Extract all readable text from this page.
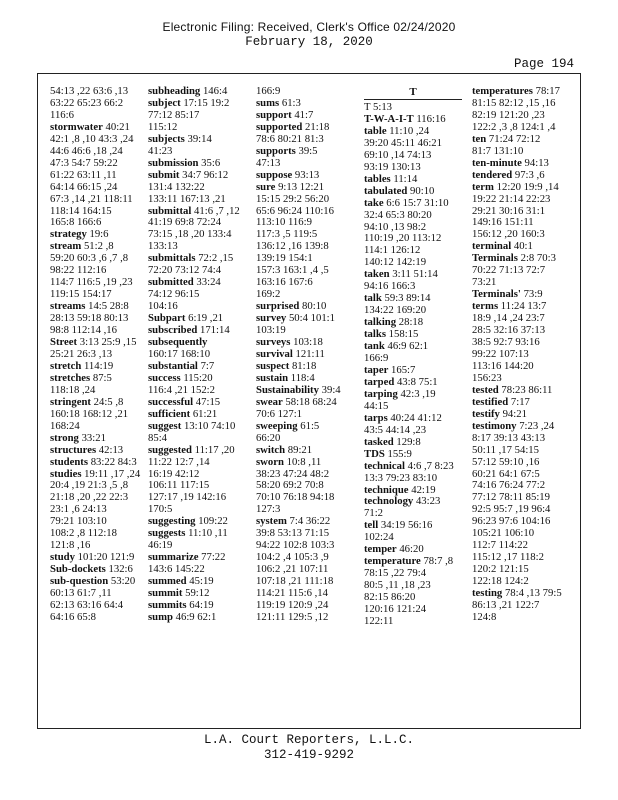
Electronic Filing: Received, Clerk's Office 02/24/2020
February 18, 2020
Page 194
54:13 ,22 63:6 ,13
63:22 65:23 66:2
116:6
stormwater 40:21
42:1 ,8 ,10 43:3 ,24
44:6 46:6 ,18 ,24
47:3 54:7 59:22
61:22 63:11 ,11
64:14 66:15 ,24
67:3 ,14 ,21 118:11
118:14 164:15
165:8 166:6
strategy 19:6
stream 51:2 ,8
59:20 60:3 ,6 ,7 ,8
98:22 112:16
114:7 116:5 ,19 ,23
119:15 154:17
streams 14:5 28:8
28:13 59:18 80:13
98:8 112:14 ,16
Street 3:13 25:9 ,15
25:21 26:3 ,13
stretch 114:19
stretches 87:5
118:18 ,24
stringent 24:5 ,8
160:18 168:12 ,21
168:24
strong 33:21
structures 42:13
students 83:22 84:3
studies 19:11 ,17 ,24
20:4 ,19 21:3 ,5 ,8
21:18 ,20 ,22 22:3
23:1 ,6 24:13
79:21 103:10
108:2 ,8 112:18
121:8 ,16
study 101:20 121:9
Sub-dockets 132:6
sub-question 53:20
60:13 61:7 ,11
62:13 63:16 64:4
64:16 65:8
subheading 146:4
subject 17:15 19:2
77:12 85:17
115:12
subjects 39:14
41:23
submission 35:6
submit 34:7 96:12
131:4 132:22
133:11 167:13 ,21
submittal 41:6 ,7 ,12
41:19 69:8 72:24
73:15 ,18 ,20 133:4
133:13
submittals 72:2 ,15
72:20 73:12 74:4
submitted 33:24
74:12 96:15
104:16
Subpart 6:19 ,21
subscribed 171:14
subsequently
160:17 168:10
substantial 7:7
success 115:20
116:4 ,21 152:2
successful 47:15
sufficient 61:21
suggest 13:10 74:10
85:4
suggested 11:17 ,20
11:22 12:7 ,14
16:19 42:12
106:11 117:15
127:17 ,19 142:16
170:5
suggesting 109:22
suggests 11:10 ,11
46:19
summarize 77:22
143:6 145:22
summed 45:19
summit 59:12
summits 64:19
sump 46:9 62:1
166:9
sums 61:3
support 41:7
supported 21:18
78:6 80:21 81:3
supports 39:5
47:13
suppose 93:13
sure 9:13 12:21
15:15 29:2 56:20
65:6 96:24 110:16
113:10 116:9
117:3 ,5 119:5
136:12 ,16 139:8
139:19 154:1
157:3 163:1 ,4 ,5
163:16 167:6
169:2
surprised 80:10
survey 50:4 101:1
103:19
surveys 103:18
survival 121:11
suspect 81:18
sustain 118:4
Sustainability 39:4
swear 58:18 68:24
70:6 127:1
sweeping 61:5
66:20
switch 89:21
sworn 10:8 ,11
38:23 47:24 48:2
58:20 69:2 70:8
70:10 76:18 94:18
127:3
system 7:4 36:22
39:8 53:13 71:15
94:22 102:8 103:3
104:2 ,4 105:3 ,9
106:2 ,21 107:11
107:18 ,21 111:18
114:21 115:6 ,14
119:19 120:9 ,24
121:11 129:5 ,12
T
T 5:13
T-W-A-I-T 116:16
table 11:10 ,24
39:20 45:11 46:21
69:10 ,14 74:13
93:19 130:13
tables 11:14
tabulated 90:10
take 6:6 15:7 31:10
32:4 65:3 80:20
94:10 ,13 98:2
110:19 ,20 113:12
114:1 126:12
140:12 142:19
taken 3:11 51:14
94:16 166:3
talk 59:3 89:14
134:22 169:20
talking 28:18
talks 158:15
tank 46:9 62:1
166:9
taper 165:7
tarped 43:8 75:1
tarping 42:3 ,19
44:15
tarps 40:24 41:12
43:5 44:14 ,23
tasked 129:8
TDS 155:9
technical 4:6 ,7 8:23
13:3 79:23 83:10
technique 42:19
technology 43:23
71:2
tell 34:19 56:16
102:24
temper 46:20
temperature 78:7 ,8
78:15 ,22 79:4
80:5 ,11 ,18 ,23
82:15 86:20
120:16 121:24
122:11
temperatures 78:17
81:15 82:12 ,15 ,16
82:19 121:20 ,23
122:2 ,3 ,8 124:1 ,4
ten 71:24 72:12
81:7 131:10
ten-minute 94:13
tendered 97:3 ,6
term 12:20 19:9 ,14
19:22 21:14 22:23
29:21 30:16 31:1
149:16 151:11
156:12 ,20 160:3
terminal 40:1
Terminals 2:8 70:3
70:22 71:13 72:7
73:21
Terminals' 73:9
terms 11:24 13:7
18:9 ,14 ,24 23:7
28:5 32:16 37:13
38:5 92:7 93:16
99:22 107:13
113:16 144:20
156:23
tested 78:23 86:11
testified 7:17
testify 94:21
testimony 7:23 ,24
8:17 39:13 43:13
50:11 ,17 54:15
57:12 59:10 ,16
60:21 64:1 67:5
74:16 76:24 77:2
77:12 78:11 85:19
92:5 95:7 ,19 96:4
96:23 97:6 104:16
105:21 106:10
112:7 114:22
115:12 ,17 118:2
120:2 121:15
122:18 124:2
testing 78:4 ,13 79:5
86:13 ,21 122:7
124:8
L.A. Court Reporters, L.L.C.
312-419-9292
